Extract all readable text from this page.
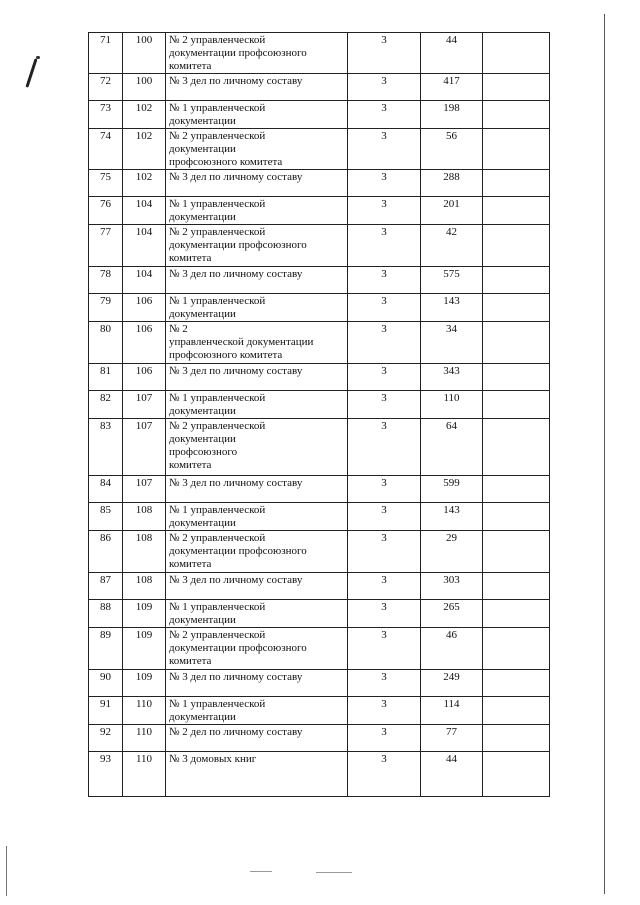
71	100	№ 2 управленческой
документации профсоюзного
комитета	3	44	
72	100	№ 3 дел по личному составу	3	417	
73	102	№ 1 управленческой
документации	3	198	
74	102	№ 2 управленческой
документации
профсоюзного комитета	3	56	
75	102	№ 3 дел по личному составу	3	288	
76	104	№ 1 управленческой
документации	3	201	
77	104	№ 2 управленческой
документации профсоюзного
комитета	3	42	
78	104	№ 3 дел по личному составу	3	575	
79	106	№ 1 управленческой
документации	3	143	
80	106	№ 2
управленческой документации
профсоюзного комитета	3	34	
81	106	№ 3 дел по личному составу	3	343	
82	107	№ 1 управленческой
документации	3	110	
83	107	№ 2 управленческой
документации
профсоюзного
комитета	3	64	
84	107	№ 3 дел по личному составу	3	599	
85	108	№ 1 управленческой
документации	3	143	
86	108	№ 2 управленческой
документации профсоюзного
комитета	3	29	
87	108	№ 3 дел по личному составу	3	303	
88	109	№ 1 управленческой
документации	3	265	
89	109	№ 2 управленческой
документации профсоюзного
комитета	3	46	
90	109	№ 3 дел по личному составу	3	249	
91	110	№ 1 управленческой
документации	3	114	
92	110	№ 2 дел по личному составу	3	77	
93	110	№ 3 домовых книг	3	44	
